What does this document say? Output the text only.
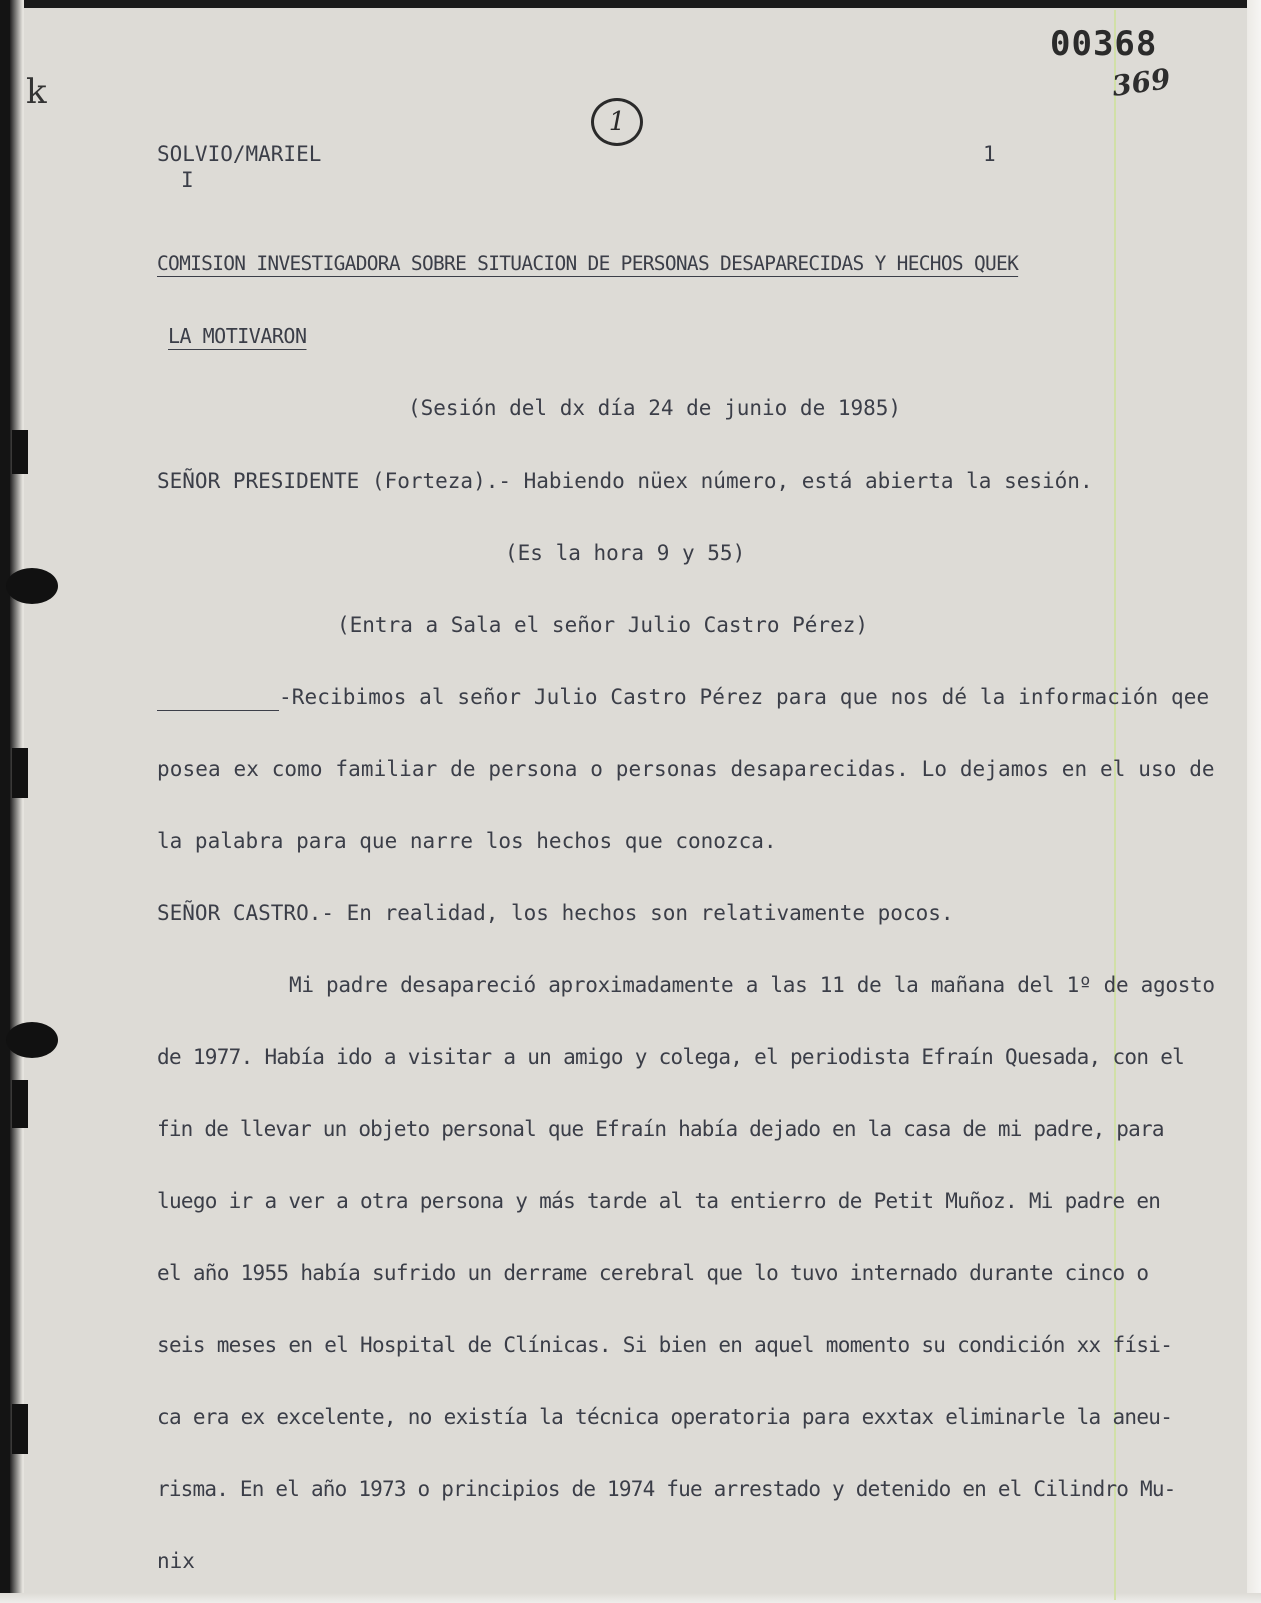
00368
369
k
1
SOLVIO/MARIEL
I
1
COMISION INVESTIGADORA SOBRE SITUACION DE PERSONAS DESAPARECIDAS Y HECHOS QUEK
LA MOTIVARON
(Sesión del dx día 24 de junio de 1985)
SEÑOR PRESIDENTE (Forteza).- Habiendo nüex número, está abierta la sesión.
(Es la hora 9 y 55)
(Entra a Sala el señor Julio Castro Pérez)
-Recibimos al señor Julio Castro Pérez para que nos dé la información qee
posea ex como familiar de persona o personas desaparecidas. Lo dejamos en el uso de
la palabra para que narre los hechos que conozca.
SEÑOR CASTRO.- En realidad, los hechos son relativamente pocos.
Mi padre desapareció aproximadamente a las 11 de la mañana del 1º de agosto
de 1977. Había ido a visitar a un amigo y colega, el periodista Efraín Quesada, con el
fin de llevar un objeto personal que Efraín había dejado en la casa de mi padre, para
luego ir a ver a otra persona y más tarde al ta entierro de Petit Muñoz. Mi padre en
el año 1955 había sufrido un derrame cerebral que lo tuvo internado durante cinco o
seis meses en el Hospital de Clínicas. Si bien en aquel momento su condición xx físi-
ca era ex excelente, no existía la técnica operatoria para exxtax eliminarle la aneu-
risma. En el año 1973 o principios de 1974 fue arrestado y detenido en el Cilindro Mu-
nix
